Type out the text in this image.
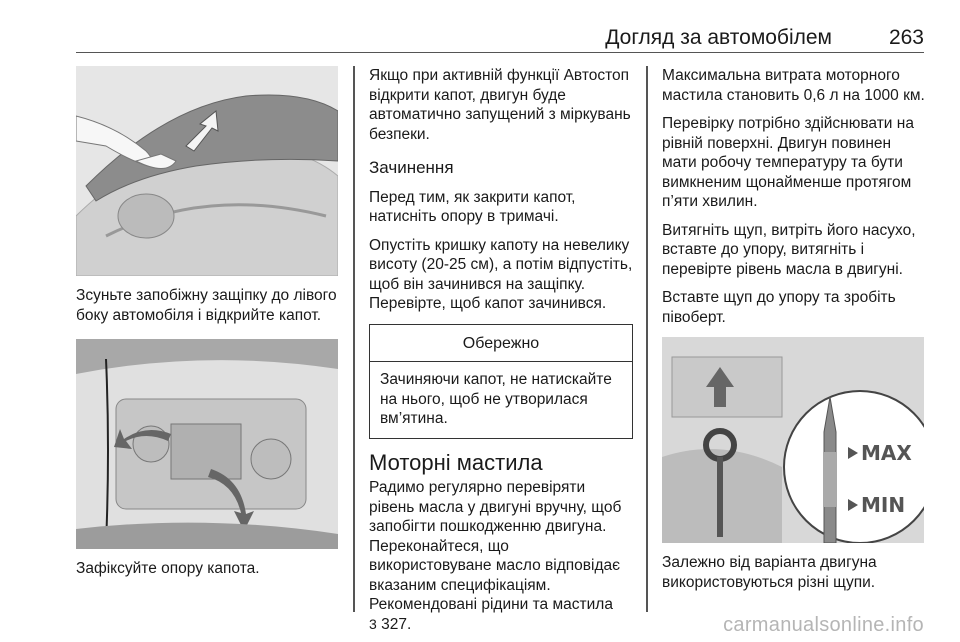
Догляд за автомобілем	263

Зсуньте запобіжну защіпку до лівого боку автомобіля і відкрийте капот.

Зафіксуйте опору капота.

Якщо при активній функції Автостоп відкрити капот, двигун буде автоматично запущений з міркувань безпеки.

Зачинення

Перед тим, як закрити капот, натисніть опору в тримачі.

Опустіть кришку капоту на невелику висоту (20-25 см), а потім відпустіть, щоб він зачинився на защіпку. Перевірте, щоб капот зачинився.

Обережно
Зачиняючи капот, не натискайте на нього, щоб не утворилася вм’ятина.
Моторні мастила
Радимо регулярно перевіряти рівень масла у двигуні вручну, щоб запобігти пошкодженню двигуна. Переконайтеся, що використовуване масло відповідає вказаним специфікаціям. Рекомендовані рідини та мастила
3 327.

Максимальна витрата моторного мастила становить 0,6 л на 1000 км.

Перевірку потрібно здійснювати на рівній поверхні. Двигун повинен мати робочу температуру та бути вимкненим щонайменше протягом п’яти хвилин.

Витягніть щуп, витріть його насухо, вставте до упору, витягніть і перевірте рівень масла в двигуні.

Вставте щуп до упору та зробіть півоберт.

MAX
MIN

Залежно від варіанта двигуна використовуються різні щупи.

carmanualsonline.info
